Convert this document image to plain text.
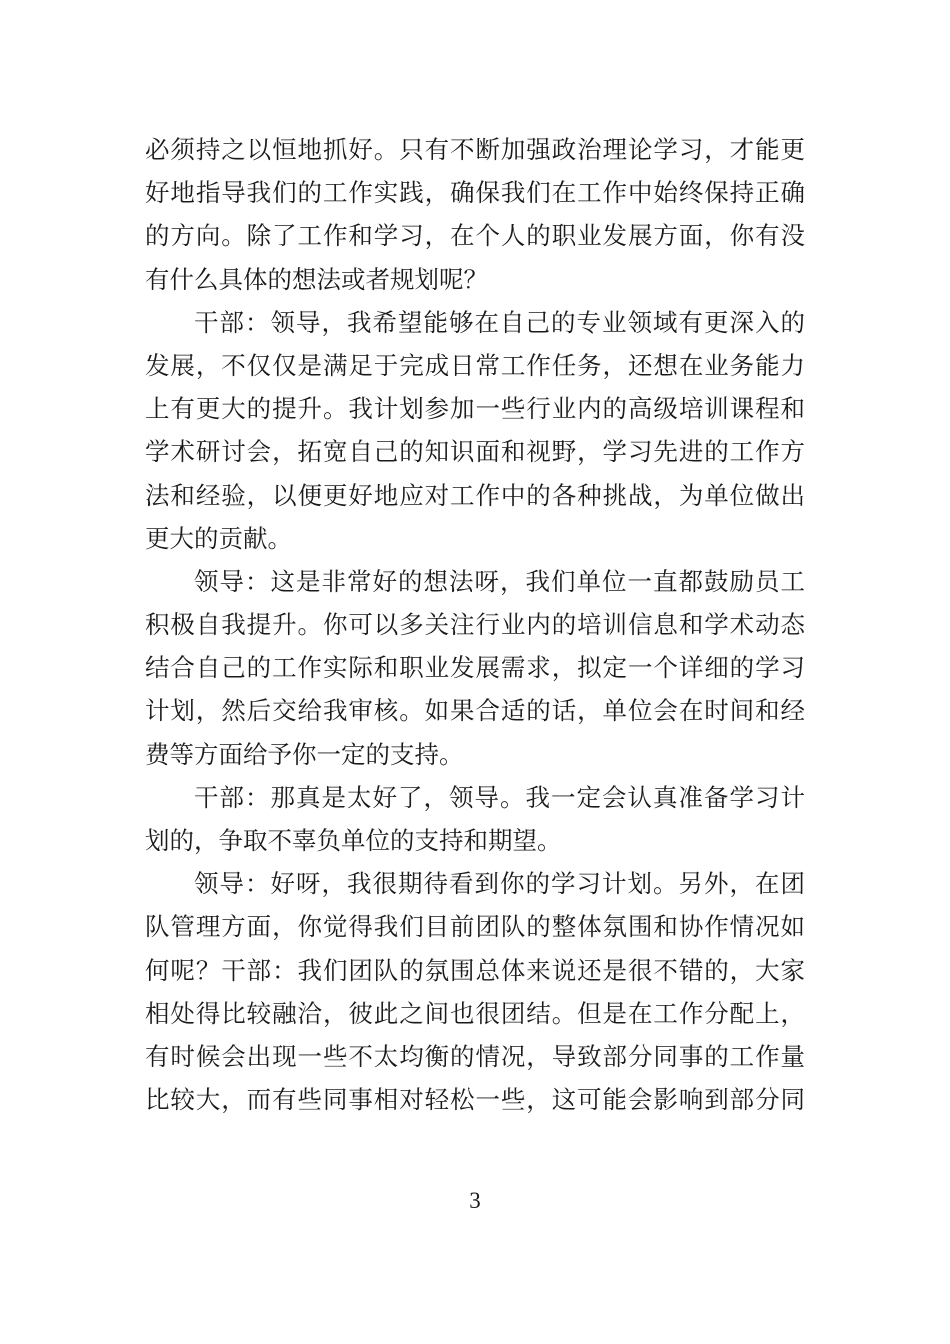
必须持之以恒地抓好。只有不断加强政治理论学习，才能更
好地指导我们的工作实践，确保我们在工作中始终保持正确
的方向。除了工作和学习，在个人的职业发展方面，你有没
有什么具体的想法或者规划呢？
干部：领导，我希望能够在自己的专业领域有更深入的
发展，不仅仅是满足于完成日常工作任务，还想在业务能力
上有更大的提升。我计划参加一些行业内的高级培训课程和
学术研讨会，拓宽自己的知识面和视野，学习先进的工作方
法和经验，以便更好地应对工作中的各种挑战，为单位做出
更大的贡献。
领导：这是非常好的想法呀，我们单位一直都鼓励员工
积极自我提升。你可以多关注行业内的培训信息和学术动态
结合自己的工作实际和职业发展需求，拟定一个详细的学习
计划，然后交给我审核。如果合适的话，单位会在时间和经
费等方面给予你一定的支持。
干部：那真是太好了，领导。我一定会认真准备学习计
划的，争取不辜负单位的支持和期望。
领导：好呀，我很期待看到你的学习计划。另外，在团
队管理方面，你觉得我们目前团队的整体氛围和协作情况如
何呢？干部：我们团队的氛围总体来说还是很不错的，大家
相处得比较融洽，彼此之间也很团结。但是在工作分配上，
有时候会出现一些不太均衡的情况，导致部分同事的工作量
比较大，而有些同事相对轻松一些，这可能会影响到部分同
3
